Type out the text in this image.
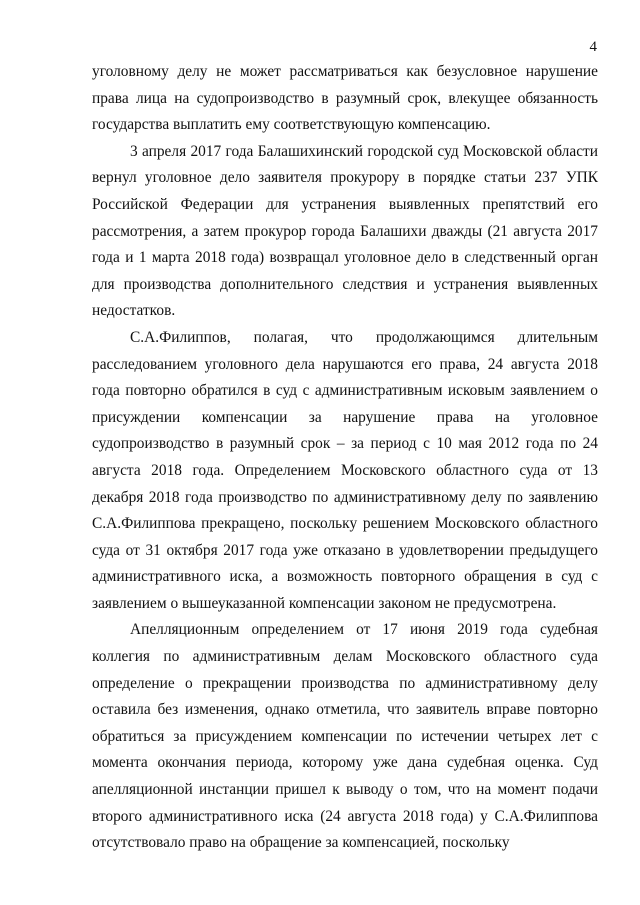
4

уголовному делу не может рассматриваться как безусловное нарушение права лица на судопроизводство в разумный срок, влекущее обязанность государства выплатить ему соответствующую компенсацию.

3 апреля 2017 года Балашихинский городской суд Московской области вернул уголовное дело заявителя прокурору в порядке статьи 237 УПК Российской Федерации для устранения выявленных препятствий его рассмотрения, а затем прокурор города Балашихи дважды (21 августа 2017 года и 1 марта 2018 года) возвращал уголовное дело в следственный орган для производства дополнительного следствия и устранения выявленных недостатков.

С.А.Филиппов, полагая, что продолжающимся длительным расследованием уголовного дела нарушаются его права, 24 августа 2018 года повторно обратился в суд с административным исковым заявлением о присуждении компенсации за нарушение права на уголовное судопроизводство в разумный срок – за период с 10 мая 2012 года по 24 августа 2018 года. Определением Московского областного суда от 13 декабря 2018 года производство по административному делу по заявлению С.А.Филиппова прекращено, поскольку решением Московского областного суда от 31 октября 2017 года уже отказано в удовлетворении предыдущего административного иска, а возможность повторного обращения в суд с заявлением о вышеуказанной компенсации законом не предусмотрена.

Апелляционным определением от 17 июня 2019 года судебная коллегия по административным делам Московского областного суда определение о прекращении производства по административному делу оставила без изменения, однако отметила, что заявитель вправе повторно обратиться за присуждением компенсации по истечении четырех лет с момента окончания периода, которому уже дана судебная оценка. Суд апелляционной инстанции пришел к выводу о том, что на момент подачи второго административного иска (24 августа 2018 года) у С.А.Филиппова отсутствовало право на обращение за компенсацией, поскольку
